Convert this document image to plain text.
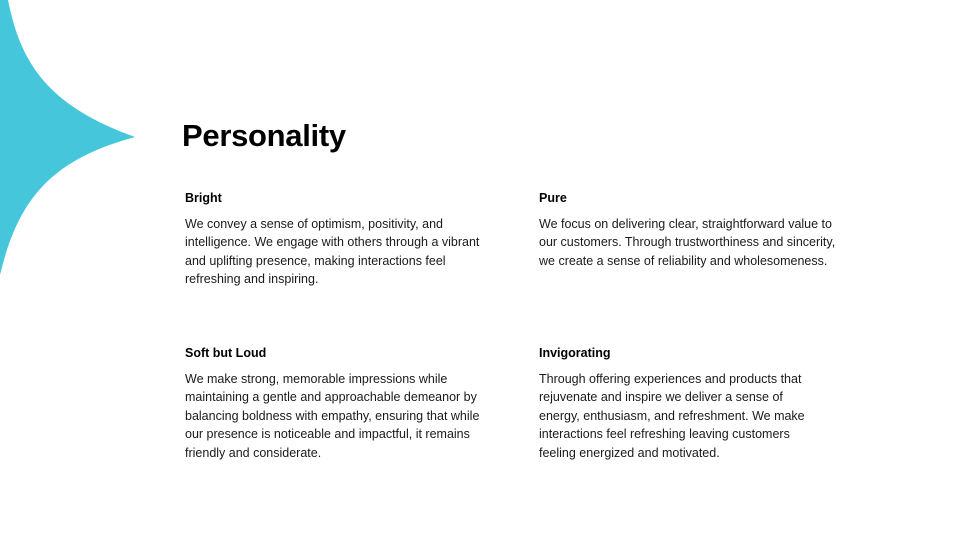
Personality
Bright

We convey a sense of optimism, positivity, and intelligence. We engage with others through a vibrant and uplifting presence, making interactions feel refreshing and inspiring.

Pure

We focus on delivering clear, straightforward value to our customers. Through trustworthiness and sincerity, we create a sense of reliability and wholesomeness.

Soft but Loud

We make strong, memorable impressions while maintaining a gentle and approachable demeanor by balancing boldness with empathy, ensuring that while our presence is noticeable and impactful, it remains friendly and considerate.

Invigorating

Through offering experiences and products that rejuvenate and inspire we deliver a sense of energy, enthusiasm, and refreshment. We make interactions feel refreshing leaving customers feeling energized and motivated.
